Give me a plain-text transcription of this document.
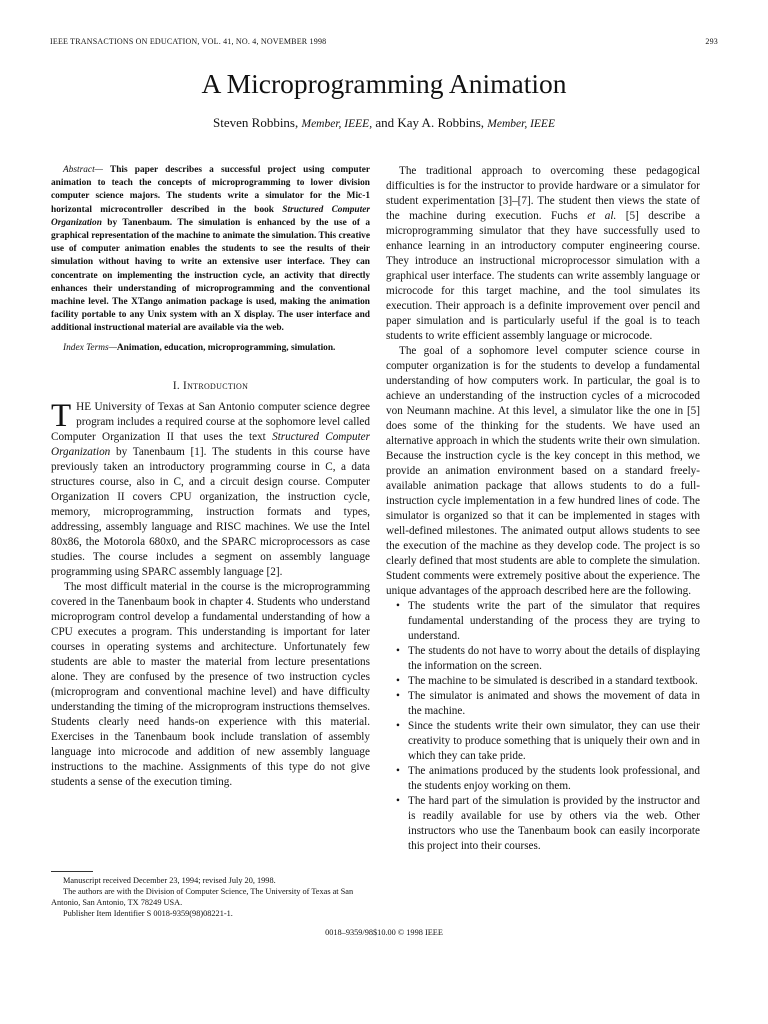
IEEE TRANSACTIONS ON EDUCATION, VOL. 41, NO. 4, NOVEMBER 1998	293
A Microprogramming Animation
Steven Robbins, Member, IEEE, and Kay A. Robbins, Member, IEEE

Abstract— This paper describes a successful project using computer animation to teach the concepts of microprogramming to lower division computer science majors. The students write a simulator for the Mic-1 horizontal microcontroller described in the book Structured Computer Organization by Tanenbaum. The simulation is enhanced by the use of a graphical representation of the machine to animate the simulation. This creative use of computer animation enables the students to see the results of their simulation without having to write an extensive user interface. They can concentrate on implementing the instruction cycle, an activity that directly enhances their understanding of microprogramming and the conventional machine level. The XTango animation package is used, making the animation facility portable to any Unix system with an X display. The user interface and additional instructional material are available via the web.

Index Terms—Animation, education, microprogramming, simulation.

I. Introduction

THE University of Texas at San Antonio computer science degree program includes a required course at the sophomore level called Computer Organization II that uses the text Structured Computer Organization by Tanenbaum [1]. The students in this course have previously taken an introductory programming course in C, a data structures course, also in C, and a circuit design course. Computer Organization II covers CPU organization, the instruction cycle, memory, microprogramming, instruction formats and types, addressing, assembly language and RISC machines. We use the Intel 80x86, the Motorola 680x0, and the SPARC microprocessors as case studies. The course includes a segment on assembly language programming using SPARC assembly language [2].

The most difficult material in the course is the microprogramming covered in the Tanenbaum book in chapter 4. Students who understand microprogram control develop a fundamental understanding of how a CPU executes a program. This understanding is important for later courses in operating systems and architecture. Unfortunately few students are able to master the material from lecture presentations alone. They are confused by the presence of two instruction cycles (microprogram and conventional machine level) and have difficulty understanding the timing of the microprogram instructions themselves. Students clearly need hands-on experience with this material. Exercises in the Tanenbaum book include translation of assembly language into microcode and addition of new assembly language instructions to the machine. Assignments of this type do not give students a sense of the execution timing.

The traditional approach to overcoming these pedagogical difficulties is for the instructor to provide hardware or a simulator for student experimentation [3]–[7]. The student then views the state of the machine during execution. Fuchs et al. [5] describe a microprogramming simulator that they have successfully used to enhance learning in an introductory computer engineering course. They introduce an instructional microprocessor simulation with a graphical user interface. The students can write assembly language or microcode for this target machine, and the tool simulates its execution. Their approach is a definite improvement over pencil and paper simulation and is particularly useful if the goal is to teach students to write efficient assembly language or microcode.

The goal of a sophomore level computer science course in computer organization is for the students to develop a fundamental understanding of how computers work. In particular, the goal is to achieve an understanding of the instruction cycles of a microcoded von Neumann machine. At this level, a simulator like the one in [5] does some of the thinking for the students. We have used an alternative approach in which the students write their own simulation. Because the instruction cycle is the key concept in this method, we provide an animation environment based on a standard freely-available animation package that allows students to do a full-instruction cycle implementation in a few hundred lines of code. The simulator is organized so that it can be implemented in stages with well-defined milestones. The animated output allows students to see the execution of the machine as they develop code. The project is so clearly defined that most students are able to complete the simulation. Student comments were extremely positive about the experience. The unique advantages of the approach described here are the following.

• The students write the part of the simulator that requires fundamental understanding of the process they are trying to understand.
• The students do not have to worry about the details of displaying the information on the screen.
• The machine to be simulated is described in a standard textbook.
• The simulator is animated and shows the movement of data in the machine.
• Since the students write their own simulator, they can use their creativity to produce something that is uniquely their own and in which they can take pride.
• The animations produced by the students look professional, and the students enjoy working on them.
• The hard part of the simulation is provided by the instructor and is readily available for use by others via the web. Other instructors who use the Tanenbaum book can easily incorporate this project into their courses.

Manuscript received December 23, 1994; revised July 20, 1998.

The authors are with the Division of Computer Science, The University of Texas at San Antonio, San Antonio, TX 78249 USA.

Publisher Item Identifier S 0018-9359(98)08221-1.

0018–9359/98$10.00 © 1998 IEEE
